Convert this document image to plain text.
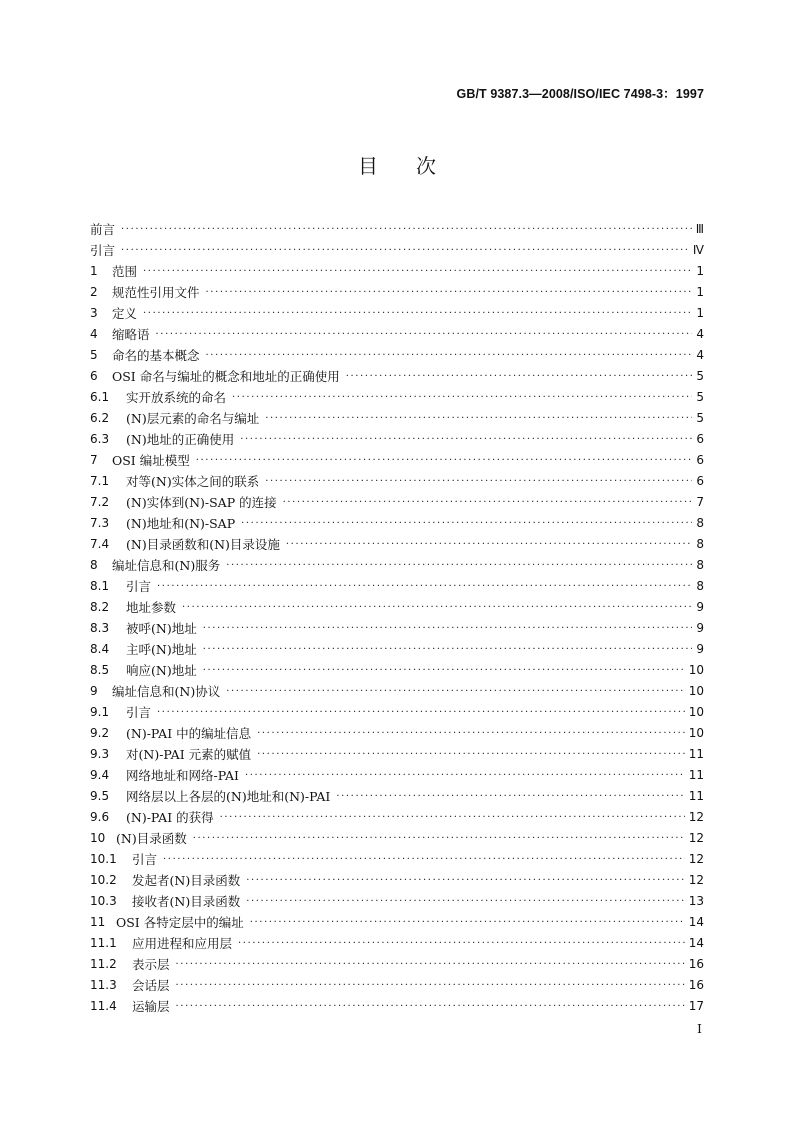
GB/T 9387.3—2008/ISO/IEC 7498-3：1997
目次
前言 ·····	Ⅲ
引言 ·····	Ⅳ
1	范围 ·····	1
2	规范性引用文件 ·····	1
3	定义 ·····	1
4	缩略语 ·····	4
5	命名的基本概念 ·····	4
6	OSI 命名与编址的概念和地址的正确使用 ·····	5
6.1	实开放系统的命名 ·····	5
6.2	(N)层元素的命名与编址 ·····	5
6.3	(N)地址的正确使用 ·····	6
7	OSI 编址模型 ·····	6
7.1	对等(N)实体之间的联系 ·····	6
7.2	(N)实体到(N)-SAP 的连接 ·····	7
7.3	(N)地址和(N)-SAP ·····	8
7.4	(N)目录函数和(N)目录设施 ·····	8
8	编址信息和(N)服务 ·····	8
8.1	引言 ·····	8
8.2	地址参数 ·····	9
8.3	被呼(N)地址 ·····	9
8.4	主呼(N)地址 ·····	9
8.5	响应(N)地址 ·····	10
9	编址信息和(N)协议 ·····	10
9.1	引言 ·····	10
9.2	(N)-PAI 中的编址信息 ·····	10
9.3	对(N)-PAI 元素的赋值 ·····	11
9.4	网络地址和网络-PAI ·····	11
9.5	网络层以上各层的(N)地址和(N)-PAI ·····	11
9.6	(N)-PAI 的获得 ·····	12
10 (N)目录函数 ·····	12
10.1	引言 ·····	12
10.2	发起者(N)目录函数 ·····	12
10.3	接收者(N)目录函数 ·····	13
11 OSI 各特定层中的编址 ·····	14
11.1	应用进程和应用层 ·····	14
11.2	表示层 ·····	16
11.3	会话层 ·····	16
11.4	运输层 ·····	17
Ⅰ
